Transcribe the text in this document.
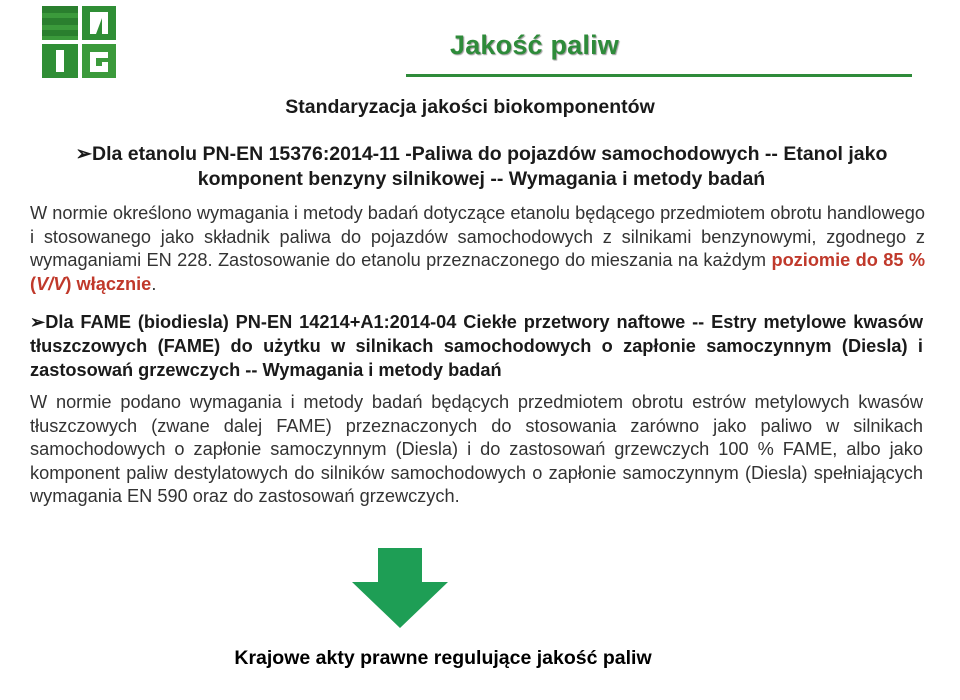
Jakość paliw
Standaryzacja jakości biokomponentów
➢Dla etanolu PN-EN 15376:2014-11 -Paliwa do pojazdów samochodowych -- Etanol jako komponent benzyny silnikowej -- Wymagania i metody badań
W normie określono wymagania i metody badań dotyczące etanolu będącego przedmiotem obrotu handlowego i stosowanego jako składnik paliwa do pojazdów samochodowych z silnikami benzynowymi, zgodnego z wymaganiami EN 228. Zastosowanie do etanolu przeznaczonego do mieszania na każdym poziomie do 85 % (V/V) włącznie.
➢Dla FAME (biodiesla) PN-EN 14214+A1:2014-04 Ciekłe przetwory naftowe -- Estry metylowe kwasów tłuszczowych (FAME) do użytku w silnikach samochodowych o zapłonie samoczynnym (Diesla) i zastosowań grzewczych -- Wymagania i metody badań
W normie podano wymagania i metody badań będących przedmiotem obrotu estrów metylowych kwasów tłuszczowych (zwane dalej FAME) przeznaczonych do stosowania zarówno jako paliwo w silnikach samochodowych o zapłonie samoczynnym (Diesla) i do zastosowań grzewczych 100 % FAME, albo jako komponent paliw destylatowych do silników samochodowych o zapłonie samoczynnym (Diesla) spełniających wymagania EN 590 oraz do zastosowań grzewczych.
Krajowe akty prawne regulujące jakość paliw
